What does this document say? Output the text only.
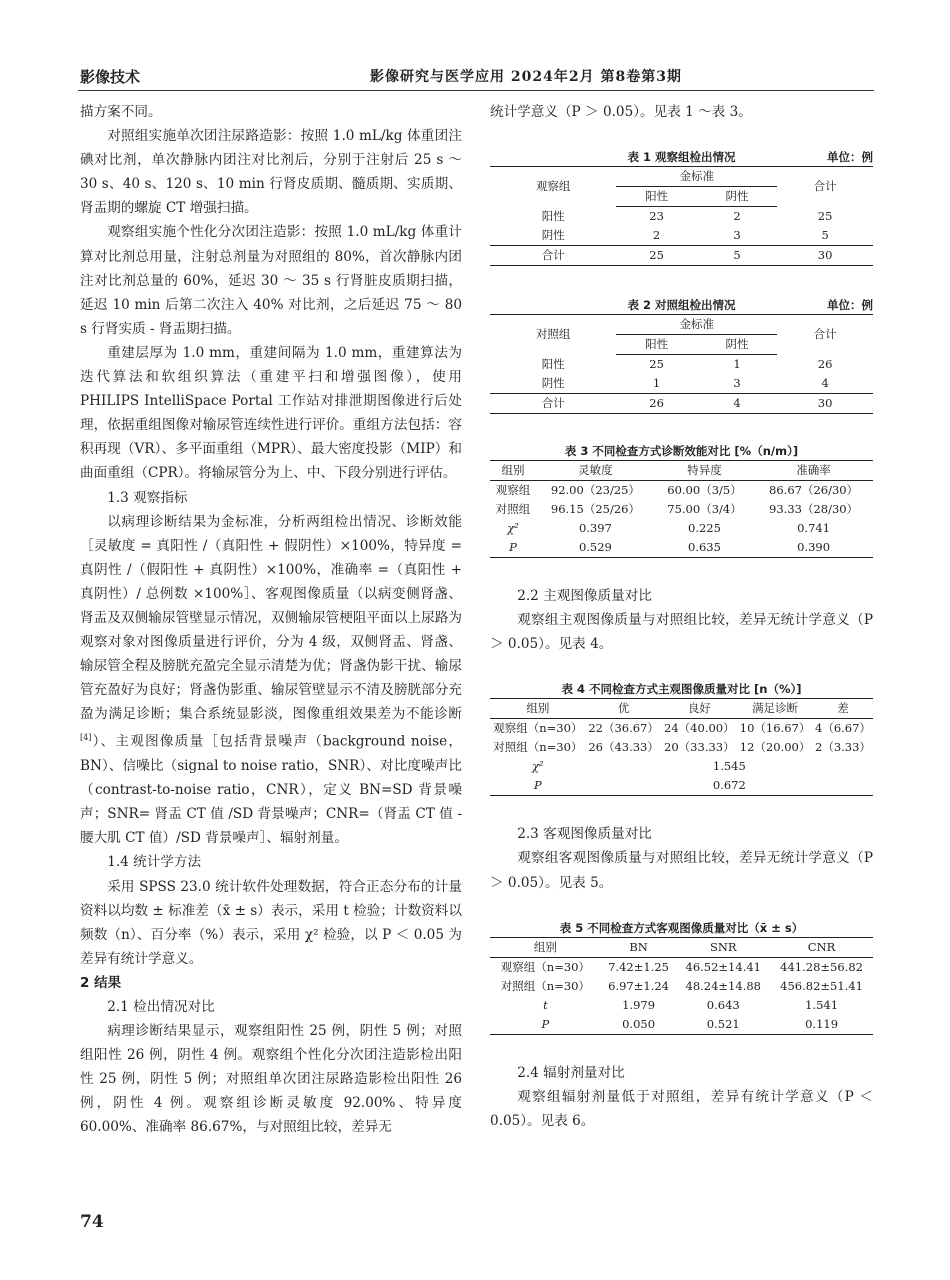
影像技术	影像研究与医学应用 2024年2月 第8卷第3期

描方案不同。

对照组实施单次团注尿路造影：按照 1.0 mL/kg 体重团注碘对比剂，单次静脉内团注对比剂后，分别于注射后 25 s ～ 30 s、40 s、120 s、10 min 行肾皮质期、髓质期、实质期、肾盂期的螺旋 CT 增强扫描。

观察组实施个性化分次团注造影：按照 1.0 mL/kg 体重计算对比剂总用量，注射总剂量为对照组的 80%，首次静脉内团注对比剂总量的 60%，延迟 30 ～ 35 s 行肾脏皮质期扫描，延迟 10 min 后第二次注入 40% 对比剂，之后延迟 75 ～ 80 s 行肾实质 - 肾盂期扫描。

重建层厚为 1.0 mm，重建间隔为 1.0 mm，重建算法为迭代算法和软组织算法（重建平扫和增强图像），使用 PHILIPS IntelliSpace Portal 工作站对排泄期图像进行后处理，依据重组图像对输尿管连续性进行评价。重组方法包括：容积再现（VR）、多平面重组（MPR）、最大密度投影（MIP）和曲面重组（CPR）。将输尿管分为上、中、下段分别进行评估。

1.3 观察指标

以病理诊断结果为金标准，分析两组检出情况、诊断效能［灵敏度 = 真阳性 /（真阳性 + 假阴性）×100%，特异度 = 真阴性 /（假阳性 + 真阴性）×100%，准确率 =（真阳性 + 真阴性）/ 总例数 ×100%］、客观图像质量（以病变侧肾盏、肾盂及双侧输尿管壁显示情况，双侧输尿管梗阻平面以上尿路为观察对象对图像质量进行评价，分为 4 级，双侧肾盂、肾盏、输尿管全程及膀胱充盈完全显示清楚为优；肾盏伪影干扰、输尿管充盈好为良好；肾盏伪影重、输尿管壁显示不清及膀胱部分充盈为满足诊断；集合系统显影淡，图像重组效果差为不能诊断[4]）、主观图像质量［包括背景噪声（background noise，BN）、信噪比（signal to noise ratio，SNR）、对比度噪声比（contrast-to-noise ratio，CNR），定义 BN=SD 背景噪声；SNR= 肾盂 CT 值 /SD 背景噪声；CNR=（肾盂 CT 值 - 腰大肌 CT 值）/SD 背景噪声］、辐射剂量。

1.4 统计学方法

采用 SPSS 23.0 统计软件处理数据，符合正态分布的计量资料以均数 ± 标准差（x̄ ± s）表示，采用 t 检验；计数资料以频数（n）、百分率（%）表示，采用 χ² 检验，以 P ＜ 0.05 为差异有统计学意义。

2 结果

2.1 检出情况对比

病理诊断结果显示，观察组阳性 25 例，阴性 5 例；对照组阳性 26 例，阴性 4 例。观察组个性化分次团注造影检出阳性 25 例，阴性 5 例；对照组单次团注尿路造影检出阳性 26 例，阴性 4 例。观察组诊断灵敏度 92.00%、特异度 60.00%、准确率 86.67%，与对照组比较，差异无

统计学意义（P ＞ 0.05）。见表 1 ～表 3。

表 1 观察组检出情况	单位：例
观察组	金标准		合计
	阳性	阴性	
阳性	23	2	25
阴性	2	3	5
合计	25	5	30
表 2 对照组检出情况	单位：例
对照组	金标准		合计
	阳性	阴性	
阳性	25	1	26
阴性	1	3	4
合计	26	4	30
表 3 不同检查方式诊断效能对比 [%（n/m）]
组别	灵敏度	特异度	准确率
观察组	92.00（23/25）	60.00（3/5）	86.67（26/30）
对照组	96.15（25/26）	75.00（3/4）	93.33（28/30）
χ²	0.397	0.225	0.741
P	0.529	0.635	0.390

2.2 主观图像质量对比

观察组主观图像质量与对照组比较，差异无统计学意义（P ＞ 0.05）。见表 4。

表 4 不同检查方式主观图像质量对比 [n（%）]
组别	优	良好	满足诊断	差
观察组（n=30）	22（36.67）	24（40.00）	10（16.67）	4（6.67）
对照组（n=30）	26（43.33）	20（33.33）	12（20.00）	2（3.33）
χ²	1.545			
P	0.672			

2.3 客观图像质量对比

观察组客观图像质量与对照组比较，差异无统计学意义（P ＞ 0.05）。见表 5。

表 5 不同检查方式客观图像质量对比（x̄ ± s）
组别	BN	SNR	CNR
观察组（n=30）	7.42±1.25	46.52±14.41	441.28±56.82
对照组（n=30）	6.97±1.24	48.24±14.88	456.82±51.41
t	1.979	0.643	1.541
P	0.050	0.521	0.119

2.4 辐射剂量对比

观察组辐射剂量低于对照组，差异有统计学意义（P ＜ 0.05）。见表 6。

74
